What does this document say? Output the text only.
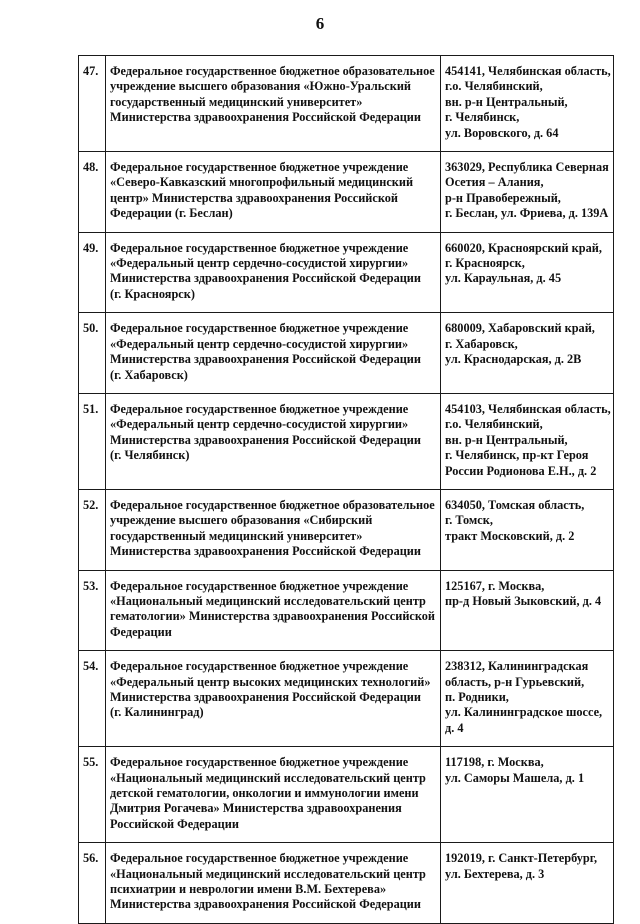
6
47.	Федеральное государственное бюджетное образовательное
учреждение высшего образования «Южно-Уральский
государственный медицинский университет»
Министерства здравоохранения Российской Федерации	454141, Челябинская область,
г.о. Челябинский,
вн. р-н Центральный,
г. Челябинск,
ул. Воровского, д. 64

48.	Федеральное государственное бюджетное учреждение
«Северо-Кавказский многопрофильный медицинский
центр» Министерства здравоохранения Российской
Федерации (г. Беслан)	363029, Республика Северная
Осетия – Алания,
р-н Правобережный,
г. Беслан, ул. Фриева, д. 139А

49.	Федеральное государственное бюджетное учреждение
«Федеральный центр сердечно-сосудистой хирургии»
Министерства здравоохранения Российской Федерации
(г. Красноярск)	660020, Красноярский край,
г. Красноярск,
ул. Караульная, д. 45

50.	Федеральное государственное бюджетное учреждение
«Федеральный центр сердечно-сосудистой хирургии»
Министерства здравоохранения Российской Федерации
(г. Хабаровск)	680009, Хабаровский край,
г. Хабаровск,
ул. Краснодарская, д. 2В

51.	Федеральное государственное бюджетное учреждение
«Федеральный центр сердечно-сосудистой хирургии»
Министерства здравоохранения Российской Федерации
(г. Челябинск)	454103, Челябинская область,
г.о. Челябинский,
вн. р-н Центральный,
г. Челябинск, пр-кт Героя
России Родионова Е.Н., д. 2

52.	Федеральное государственное бюджетное образовательное
учреждение высшего образования «Сибирский
государственный медицинский университет»
Министерства здравоохранения Российской Федерации	634050, Томская область,
г. Томск,
тракт Московский, д. 2

53.	Федеральное государственное бюджетное учреждение
«Национальный медицинский исследовательский центр
гематологии» Министерства здравоохранения Российской
Федерации	125167, г. Москва,
пр-д Новый Зыковский, д. 4

54.	Федеральное государственное бюджетное учреждение
«Федеральный центр высоких медицинских технологий»
Министерства здравоохранения Российской Федерации
(г. Калининград)	238312, Калининградская
область, р-н Гурьевский,
п. Родники,
ул. Калининградское шоссе,
д. 4

55.	Федеральное государственное бюджетное учреждение
«Национальный медицинский исследовательский центр
детской гематологии, онкологии и иммунологии имени
Дмитрия Рогачева» Министерства здравоохранения
Российской Федерации	117198, г. Москва,
ул. Саморы Машела, д. 1

56.	Федеральное государственное бюджетное учреждение
«Национальный медицинский исследовательский центр
психиатрии и неврологии имени В.М. Бехтерева»
Министерства здравоохранения Российской Федерации	192019, г. Санкт-Петербург,
ул. Бехтерева, д. 3
